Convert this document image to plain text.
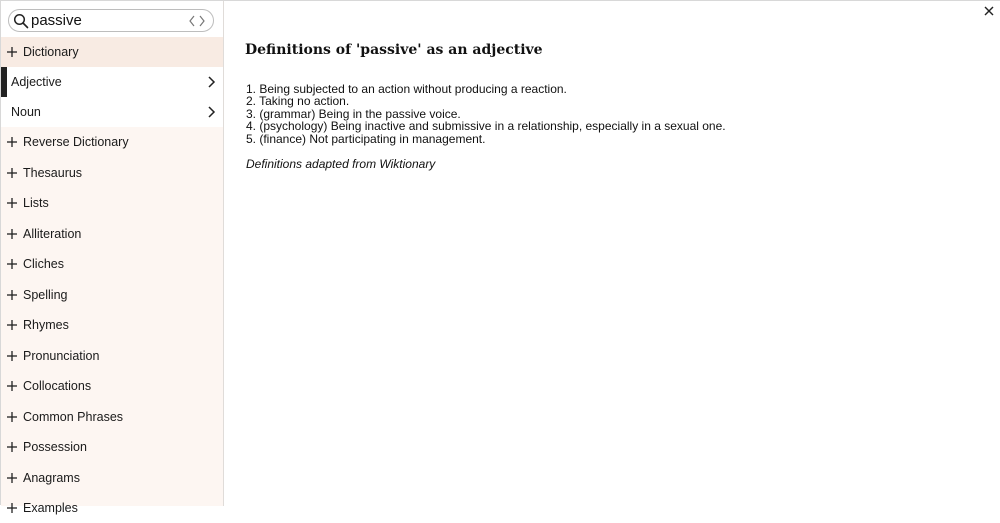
passive
Dictionary
Adjective
Noun
Reverse Dictionary
Thesaurus
Lists
Alliteration
Cliches
Spelling
Rhymes
Pronunciation
Collocations
Common Phrases
Possession
Anagrams
Examples
Definitions of 'passive' as an adjective
1. Being subjected to an action without producing a reaction.
2. Taking no action.
3. (grammar) Being in the passive voice.
4. (psychology) Being inactive and submissive in a relationship, especially in a sexual one.
5. (finance) Not participating in management.
Definitions adapted from Wiktionary
